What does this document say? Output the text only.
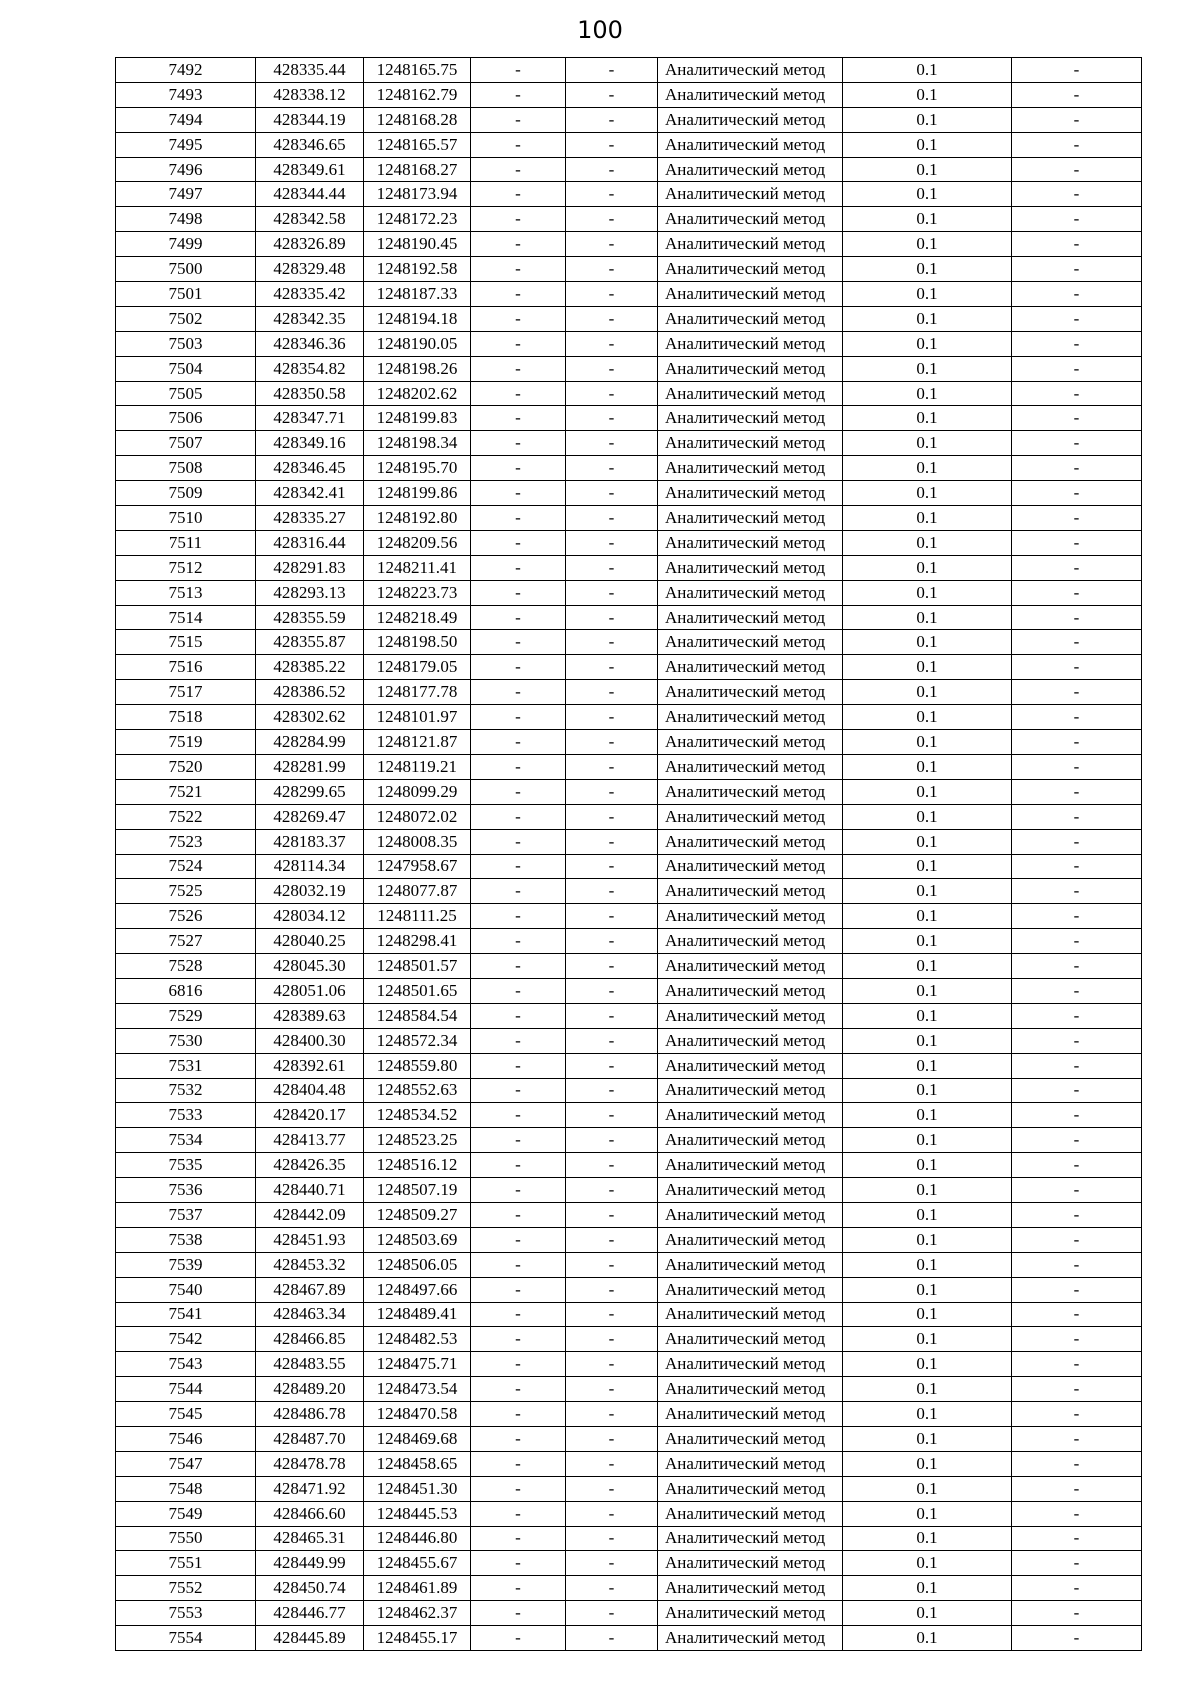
100
7492	428335.44	1248165.75	-	-	Аналитический метод	0.1	-
7493	428338.12	1248162.79	-	-	Аналитический метод	0.1	-
7494	428344.19	1248168.28	-	-	Аналитический метод	0.1	-
7495	428346.65	1248165.57	-	-	Аналитический метод	0.1	-
7496	428349.61	1248168.27	-	-	Аналитический метод	0.1	-
7497	428344.44	1248173.94	-	-	Аналитический метод	0.1	-
7498	428342.58	1248172.23	-	-	Аналитический метод	0.1	-
7499	428326.89	1248190.45	-	-	Аналитический метод	0.1	-
7500	428329.48	1248192.58	-	-	Аналитический метод	0.1	-
7501	428335.42	1248187.33	-	-	Аналитический метод	0.1	-
7502	428342.35	1248194.18	-	-	Аналитический метод	0.1	-
7503	428346.36	1248190.05	-	-	Аналитический метод	0.1	-
7504	428354.82	1248198.26	-	-	Аналитический метод	0.1	-
7505	428350.58	1248202.62	-	-	Аналитический метод	0.1	-
7506	428347.71	1248199.83	-	-	Аналитический метод	0.1	-
7507	428349.16	1248198.34	-	-	Аналитический метод	0.1	-
7508	428346.45	1248195.70	-	-	Аналитический метод	0.1	-
7509	428342.41	1248199.86	-	-	Аналитический метод	0.1	-
7510	428335.27	1248192.80	-	-	Аналитический метод	0.1	-
7511	428316.44	1248209.56	-	-	Аналитический метод	0.1	-
7512	428291.83	1248211.41	-	-	Аналитический метод	0.1	-
7513	428293.13	1248223.73	-	-	Аналитический метод	0.1	-
7514	428355.59	1248218.49	-	-	Аналитический метод	0.1	-
7515	428355.87	1248198.50	-	-	Аналитический метод	0.1	-
7516	428385.22	1248179.05	-	-	Аналитический метод	0.1	-
7517	428386.52	1248177.78	-	-	Аналитический метод	0.1	-
7518	428302.62	1248101.97	-	-	Аналитический метод	0.1	-
7519	428284.99	1248121.87	-	-	Аналитический метод	0.1	-
7520	428281.99	1248119.21	-	-	Аналитический метод	0.1	-
7521	428299.65	1248099.29	-	-	Аналитический метод	0.1	-
7522	428269.47	1248072.02	-	-	Аналитический метод	0.1	-
7523	428183.37	1248008.35	-	-	Аналитический метод	0.1	-
7524	428114.34	1247958.67	-	-	Аналитический метод	0.1	-
7525	428032.19	1248077.87	-	-	Аналитический метод	0.1	-
7526	428034.12	1248111.25	-	-	Аналитический метод	0.1	-
7527	428040.25	1248298.41	-	-	Аналитический метод	0.1	-
7528	428045.30	1248501.57	-	-	Аналитический метод	0.1	-
6816	428051.06	1248501.65	-	-	Аналитический метод	0.1	-
7529	428389.63	1248584.54	-	-	Аналитический метод	0.1	-
7530	428400.30	1248572.34	-	-	Аналитический метод	0.1	-
7531	428392.61	1248559.80	-	-	Аналитический метод	0.1	-
7532	428404.48	1248552.63	-	-	Аналитический метод	0.1	-
7533	428420.17	1248534.52	-	-	Аналитический метод	0.1	-
7534	428413.77	1248523.25	-	-	Аналитический метод	0.1	-
7535	428426.35	1248516.12	-	-	Аналитический метод	0.1	-
7536	428440.71	1248507.19	-	-	Аналитический метод	0.1	-
7537	428442.09	1248509.27	-	-	Аналитический метод	0.1	-
7538	428451.93	1248503.69	-	-	Аналитический метод	0.1	-
7539	428453.32	1248506.05	-	-	Аналитический метод	0.1	-
7540	428467.89	1248497.66	-	-	Аналитический метод	0.1	-
7541	428463.34	1248489.41	-	-	Аналитический метод	0.1	-
7542	428466.85	1248482.53	-	-	Аналитический метод	0.1	-
7543	428483.55	1248475.71	-	-	Аналитический метод	0.1	-
7544	428489.20	1248473.54	-	-	Аналитический метод	0.1	-
7545	428486.78	1248470.58	-	-	Аналитический метод	0.1	-
7546	428487.70	1248469.68	-	-	Аналитический метод	0.1	-
7547	428478.78	1248458.65	-	-	Аналитический метод	0.1	-
7548	428471.92	1248451.30	-	-	Аналитический метод	0.1	-
7549	428466.60	1248445.53	-	-	Аналитический метод	0.1	-
7550	428465.31	1248446.80	-	-	Аналитический метод	0.1	-
7551	428449.99	1248455.67	-	-	Аналитический метод	0.1	-
7552	428450.74	1248461.89	-	-	Аналитический метод	0.1	-
7553	428446.77	1248462.37	-	-	Аналитический метод	0.1	-
7554	428445.89	1248455.17	-	-	Аналитический метод	0.1	-
